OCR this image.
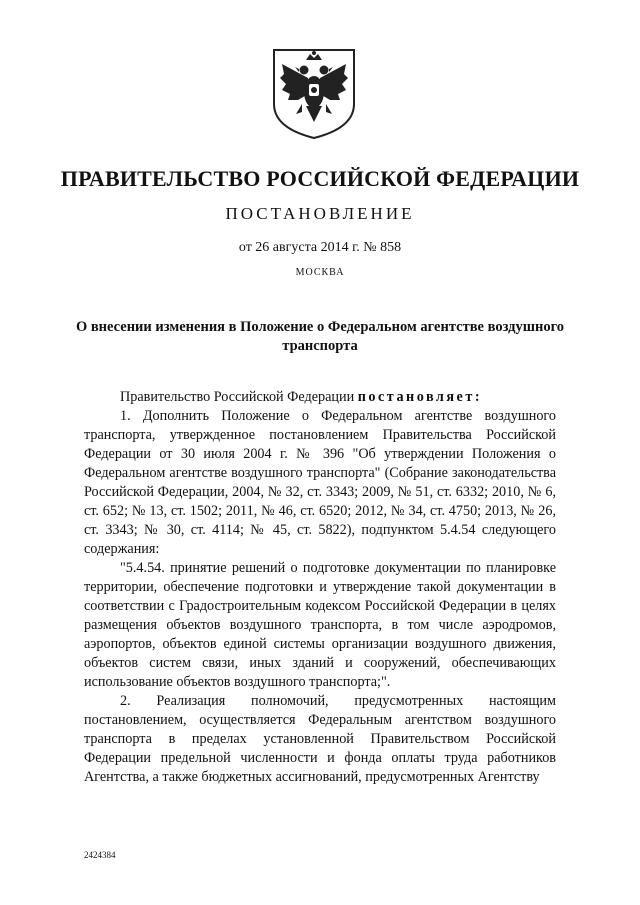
ПРАВИТЕЛЬСТВО РОССИЙСКОЙ ФЕДЕРАЦИИ
ПОСТАНОВЛЕНИЕ
от 26 августа 2014 г. № 858
МОСКВА
О внесении изменения в Положение о Федеральном агентстве воздушного транспорта

Правительство Российской Федерации постановляет:

1. Дополнить Положение о Федеральном агентстве воздушного транспорта, утвержденное постановлением Правительства Российской Федерации от 30 июля 2004 г. № 396 "Об утверждении Положения о Федеральном агентстве воздушного транспорта" (Собрание законодательства Российской Федерации, 2004, № 32, ст. 3343; 2009, № 51, ст. 6332; 2010, № 6, ст. 652; № 13, ст. 1502; 2011, № 46, ст. 6520; 2012, № 34, ст. 4750; 2013, № 26, ст. 3343; № 30, ст. 4114; № 45, ст. 5822), подпунктом 5.4.54 следующего содержания:

"5.4.54. принятие решений о подготовке документации по планировке территории, обеспечение подготовки и утверждение такой документации в соответствии с Градостроительным кодексом Российской Федерации в целях размещения объектов воздушного транспорта, в том числе аэродромов, аэропортов, объектов единой системы организации воздушного движения, объектов систем связи, иных зданий и сооружений, обеспечивающих использование объектов воздушного транспорта;".

2. Реализация полномочий, предусмотренных настоящим постановлением, осуществляется Федеральным агентством воздушного транспорта в пределах установленной Правительством Российской Федерации предельной численности и фонда оплаты труда работников Агентства, а также бюджетных ассигнований, предусмотренных Агентству

2424384
